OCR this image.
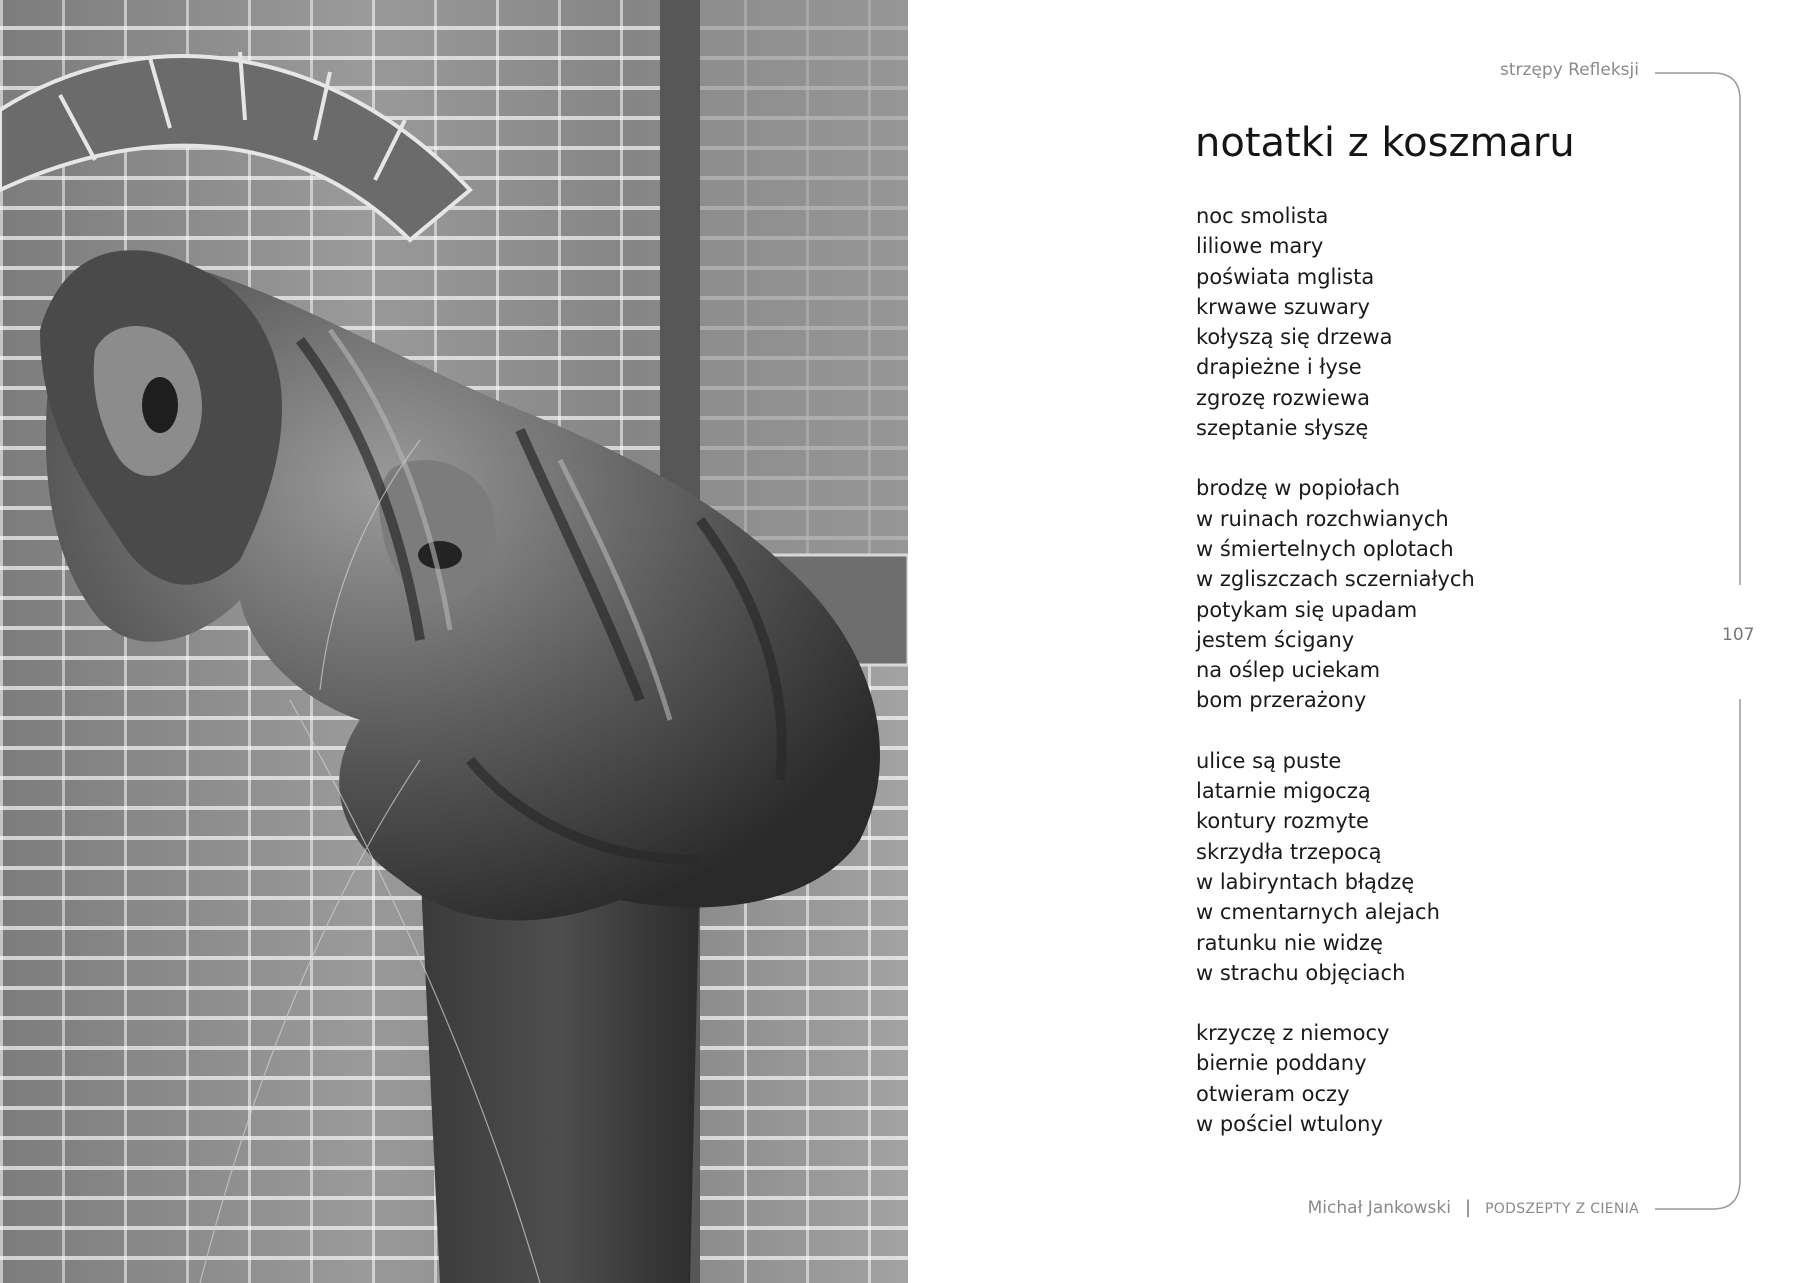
strzępy Refleksji
107
notatki z koszmaru
noc smolista
liliowe mary
poświata mglista
krwawe szuwary
kołyszą się drzewa
drapieżne i łyse
zgrozę rozwiewa
szeptanie słyszę
brodzę w popiołach
w ruinach rozchwianych
w śmiertelnych oplotach
w zgliszczach sczerniałych
potykam się upadam
jestem ścigany
na oślep uciekam
bom przerażony
ulice są puste
latarnie migoczą
kontury rozmyte
skrzydła trzepocą
w labiryntach błądzę
w cmentarnych alejach
ratunku nie widzę
w strachu objęciach
krzyczę z niemocy
biernie poddany
otwieram oczy
w pościel wtulony
Michał Jankowski | PODSZEPTY Z CIENIA
